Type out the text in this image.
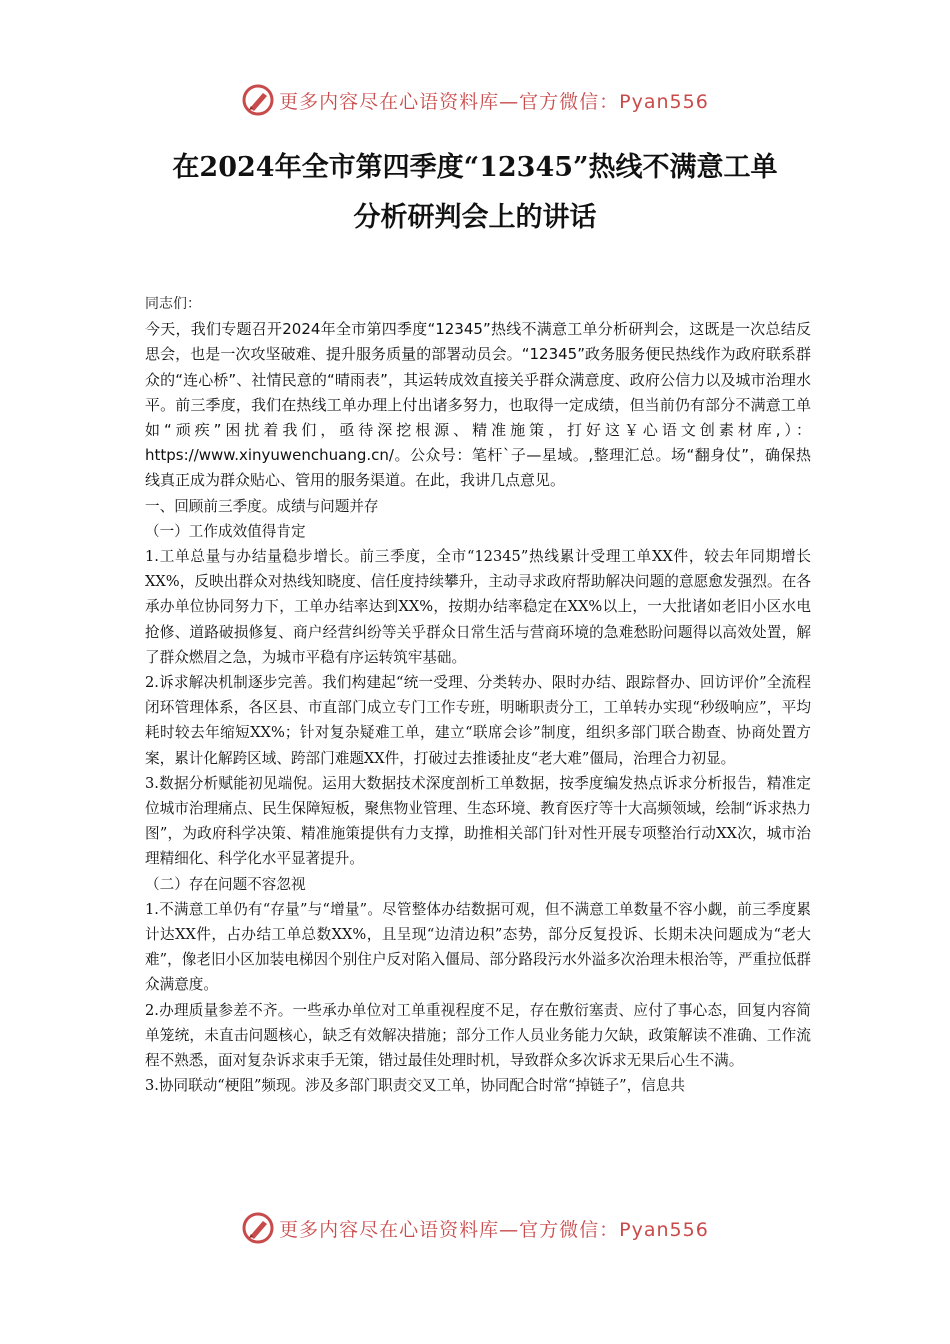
更多内容尽在心语资料库—官方微信：Pyan556
在2024年全市第四季度“12345”热线不满意工单
分析研判会上的讲话

同志们：

今天，我们专题召开2024年全市第四季度“12345”热线不满意工单分析研判会，这既是一次总结反思会，也是一次攻坚破难、提升服务质量的部署动员会。“12345”政务服务便民热线作为政府联系群众的“连心桥”、社情民意的“晴雨表”，其运转成效直接关乎群众满意度、政府公信力以及城市治理水平。前三季度，我们在热线工单办理上付出诸多努力，也取得一定成绩，但当前仍有部分不满意工单如“顽疾”困扰着我们，亟待深挖根源、精准施策，打好这￥心语文创素材库,）：https://www.xinyuwenchuang.cn/。公众号：笔杆`子—星域。,整理汇总。场“翻身仗”，确保热线真正成为群众贴心、管用的服务渠道。在此，我讲几点意见。

一、回顾前三季度。成绩与问题并存

（一）工作成效值得肯定

1.工单总量与办结量稳步增长。前三季度，全市“12345”热线累计受理工单XX件，较去年同期增长XX%，反映出群众对热线知晓度、信任度持续攀升，主动寻求政府帮助解决问题的意愿愈发强烈。在各承办单位协同努力下，工单办结率达到XX%，按期办结率稳定在XX%以上，一大批诸如老旧小区水电抢修、道路破损修复、商户经营纠纷等关乎群众日常生活与营商环境的急难愁盼问题得以高效处置，解了群众燃眉之急，为城市平稳有序运转筑牢基础。

2.诉求解决机制逐步完善。我们构建起“统一受理、分类转办、限时办结、跟踪督办、回访评价”全流程闭环管理体系，各区县、市直部门成立专门工作专班，明晰职责分工，工单转办实现“秒级响应”，平均耗时较去年缩短XX%；针对复杂疑难工单，建立“联席会诊”制度，组织多部门联合勘查、协商处置方案，累计化解跨区域、跨部门难题XX件，打破过去推诿扯皮“老大难”僵局，治理合力初显。

3.数据分析赋能初见端倪。运用大数据技术深度剖析工单数据，按季度编发热点诉求分析报告，精准定位城市治理痛点、民生保障短板，聚焦物业管理、生态环境、教育医疗等十大高频领域，绘制“诉求热力图”，为政府科学决策、精准施策提供有力支撑，助推相关部门针对性开展专项整治行动XX次，城市治理精细化、科学化水平显著提升。

（二）存在问题不容忽视

1.不满意工单仍有“存量”与“增量”。尽管整体办结数据可观，但不满意工单数量不容小觑，前三季度累计达XX件，占办结工单总数XX%，且呈现“边清边积”态势，部分反复投诉、长期未决问题成为“老大难”，像老旧小区加装电梯因个别住户反对陷入僵局、部分路段污水外溢多次治理未根治等，严重拉低群众满意度。

2.办理质量参差不齐。一些承办单位对工单重视程度不足，存在敷衍塞责、应付了事心态，回复内容简单笼统，未直击问题核心，缺乏有效解决措施；部分工作人员业务能力欠缺，政策解读不准确、工作流程不熟悉，面对复杂诉求束手无策，错过最佳处理时机，导致群众多次诉求无果后心生不满。

3.协同联动“梗阻”频现。涉及多部门职责交叉工单，协同配合时常“掉链子”，信息共

更多内容尽在心语资料库—官方微信：Pyan556
